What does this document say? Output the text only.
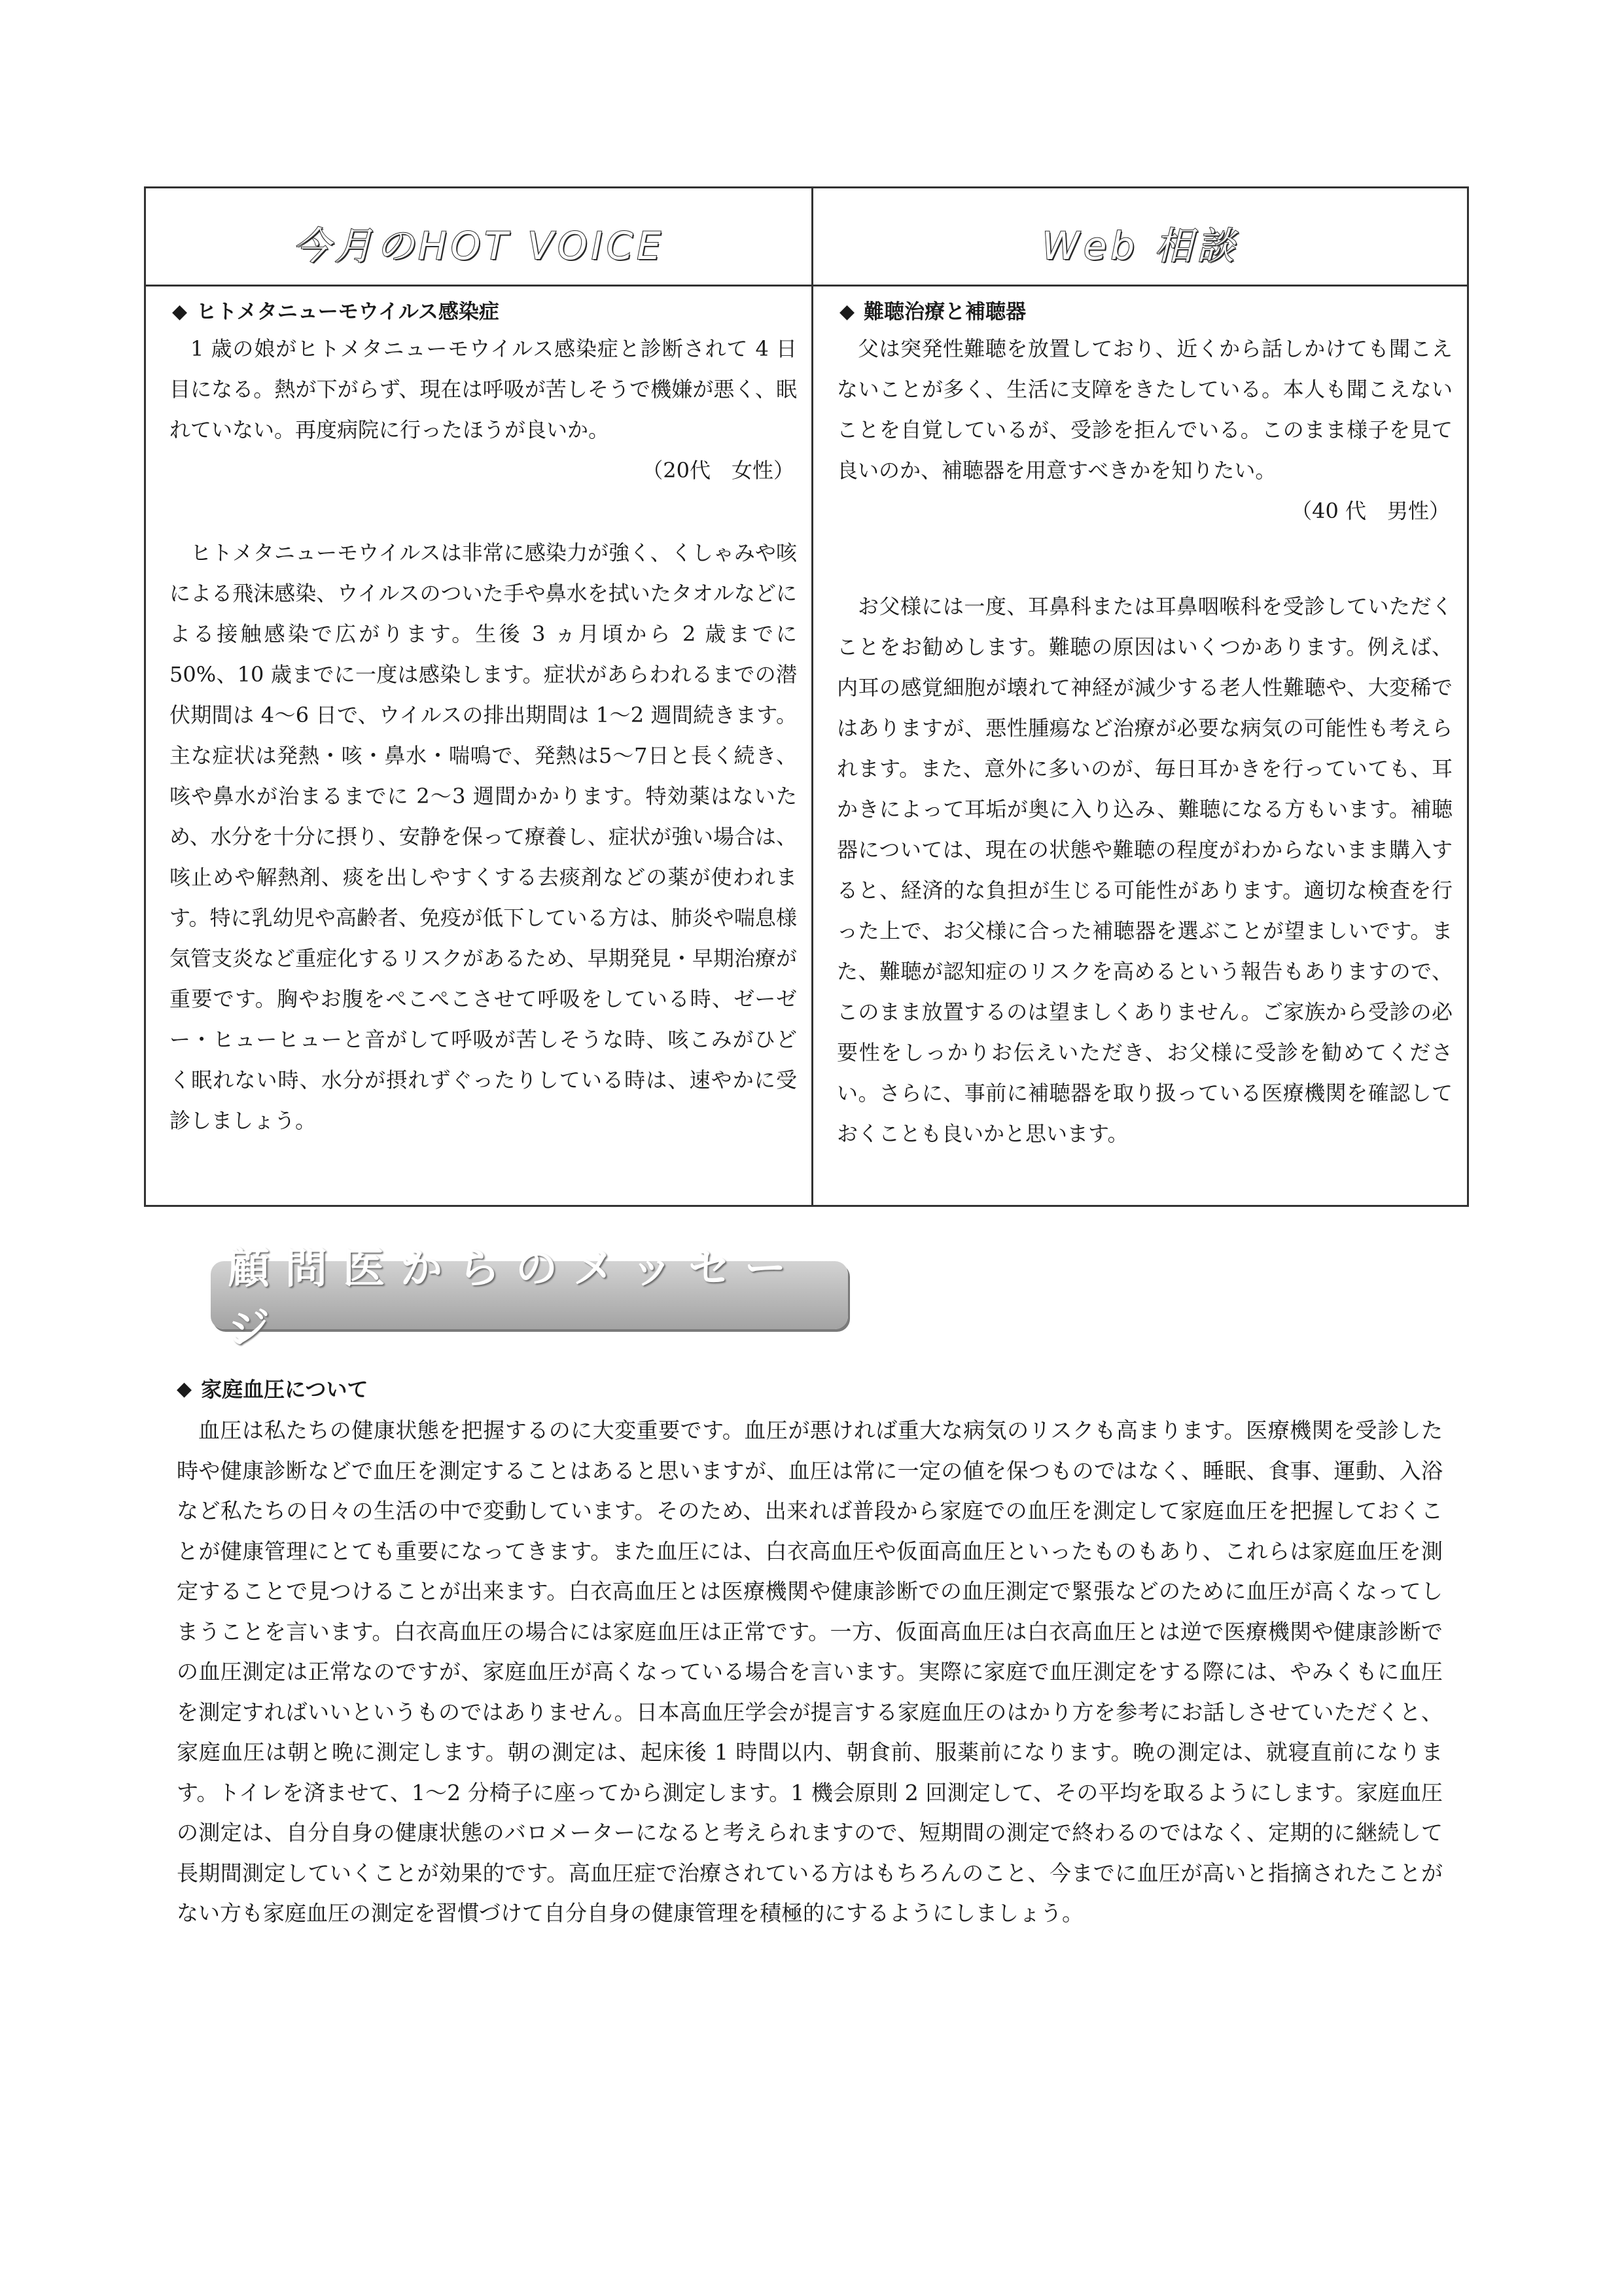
今月のHOT VOICE
◆ ヒトメタニューモウイルス感染症

1 歳の娘がヒトメタニューモウイルス感染症と診断されて 4 日目になる。熱が下がらず、現在は呼吸が苦しそうで機嫌が悪く、眠れていない。再度病院に行ったほうが良いか。

（20代　女性）

ヒトメタニューモウイルスは非常に感染力が強く、くしゃみや咳による飛沫感染、ウイルスのついた手や鼻水を拭いたタオルなどによる接触感染で広がります。生後 3 ヵ月頃から 2 歳までに 50%、10 歳までに一度は感染します。症状があらわれるまでの潜伏期間は 4～6 日で、ウイルスの排出期間は 1～2 週間続きます。主な症状は発熱・咳・鼻水・喘鳴で、発熱は5～7日と長く続き、咳や鼻水が治まるまでに 2～3 週間かかります。特効薬はないため、水分を十分に摂り、安静を保って療養し、症状が強い場合は、咳止めや解熱剤、痰を出しやすくする去痰剤などの薬が使われます。特に乳幼児や高齢者、免疫が低下している方は、肺炎や喘息様気管支炎など重症化するリスクがあるため、早期発見・早期治療が重要です。胸やお腹をぺこぺこさせて呼吸をしている時、ゼーゼー・ヒューヒューと音がして呼吸が苦しそうな時、咳こみがひどく眠れない時、水分が摂れずぐったりしている時は、速やかに受診しましょう。

Web 相談
◆ 難聴治療と補聴器

父は突発性難聴を放置しており、近くから話しかけても聞こえないことが多く、生活に支障をきたしている。本人も聞こえないことを自覚しているが、受診を拒んでいる。このまま様子を見て良いのか、補聴器を用意すべきかを知りたい。

（40 代　男性）

お父様には一度、耳鼻科または耳鼻咽喉科を受診していただくことをお勧めします。難聴の原因はいくつかあります。例えば、内耳の感覚細胞が壊れて神経が減少する老人性難聴や、大変稀ではありますが、悪性腫瘍など治療が必要な病気の可能性も考えられます。また、意外に多いのが、毎日耳かきを行っていても、耳かきによって耳垢が奥に入り込み、難聴になる方もいます。補聴器については、現在の状態や難聴の程度がわからないまま購入すると、経済的な負担が生じる可能性があります。適切な検査を行った上で、お父様に合った補聴器を選ぶことが望ましいです。また、難聴が認知症のリスクを高めるという報告もありますので、このまま放置するのは望ましくありません。ご家族から受診の必要性をしっかりお伝えいただき、お父様に受診を勧めてください。さらに、事前に補聴器を取り扱っている医療機関を確認しておくことも良いかと思います。

顧問医からのメッセージ
◆ 家庭血圧について

血圧は私たちの健康状態を把握するのに大変重要です。血圧が悪ければ重大な病気のリスクも高まります。医療機関を受診した時や健康診断などで血圧を測定することはあると思いますが、血圧は常に一定の値を保つものではなく、睡眠、食事、運動、入浴など私たちの日々の生活の中で変動しています。そのため、出来れば普段から家庭での血圧を測定して家庭血圧を把握しておくことが健康管理にとても重要になってきます。また血圧には、白衣高血圧や仮面高血圧といったものもあり、これらは家庭血圧を測定することで見つけることが出来ます。白衣高血圧とは医療機関や健康診断での血圧測定で緊張などのために血圧が高くなってしまうことを言います。白衣高血圧の場合には家庭血圧は正常です。一方、仮面高血圧は白衣高血圧とは逆で医療機関や健康診断での血圧測定は正常なのですが、家庭血圧が高くなっている場合を言います。実際に家庭で血圧測定をする際には、やみくもに血圧を測定すればいいというものではありません。日本高血圧学会が提言する家庭血圧のはかり方を参考にお話しさせていただくと、家庭血圧は朝と晩に測定します。朝の測定は、起床後 1 時間以内、朝食前、服薬前になります。晩の測定は、就寝直前になります。トイレを済ませて、1～2 分椅子に座ってから測定します。1 機会原則 2 回測定して、その平均を取るようにします。家庭血圧の測定は、自分自身の健康状態のバロメーターになると考えられますので、短期間の測定で終わるのではなく、定期的に継続して長期間測定していくことが効果的です。高血圧症で治療されている方はもちろんのこと、今までに血圧が高いと指摘されたことがない方も家庭血圧の測定を習慣づけて自分自身の健康管理を積極的にするようにしましょう。
